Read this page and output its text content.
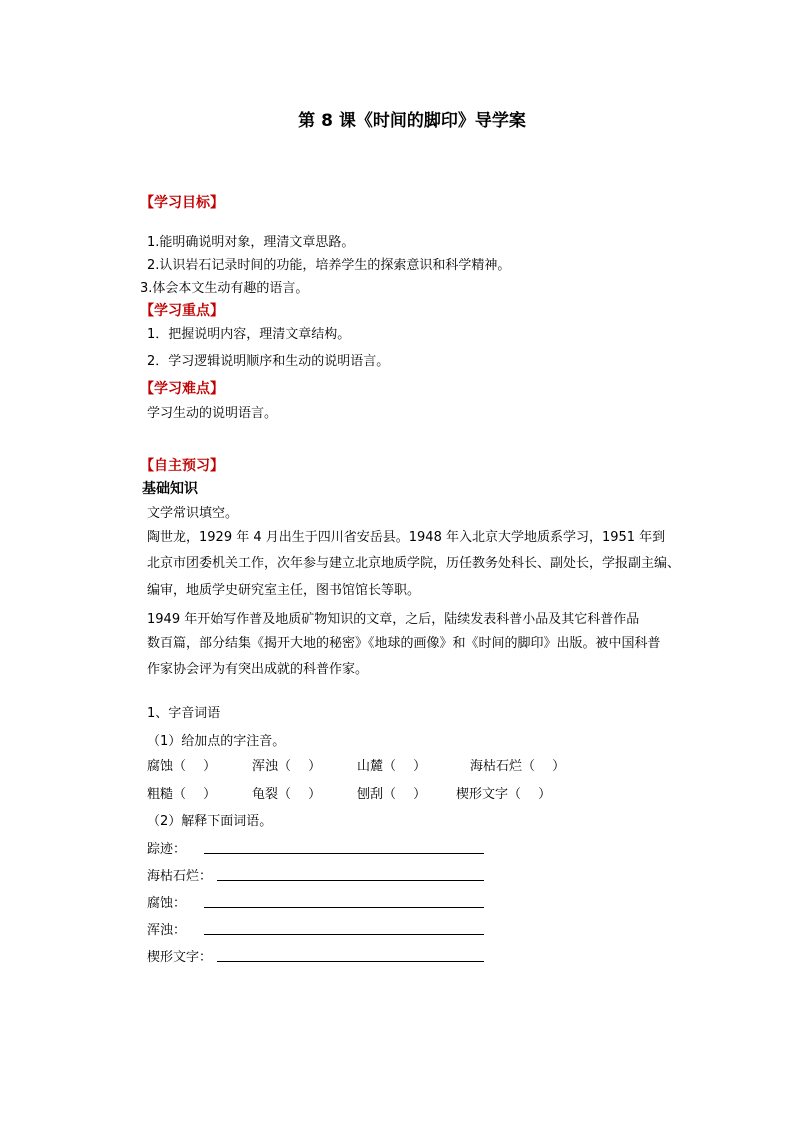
第 8 课《时间的脚印》导学案
【学习目标】
1.能明确说明对象，理清文章思路。
2.认识岩石记录时间的功能，培养学生的探索意识和科学精神。
3.体会本文生动有趣的语言。
【学习重点】
1．把握说明内容，理清文章结构。
2．学习逻辑说明顺序和生动的说明语言。
【学习难点】
学习生动的说明语言。
【自主预习】
基础知识
文学常识填空。
陶世龙，1929 年 4 月出生于四川省安岳县。1948 年入北京大学地质系学习，1951 年到
北京市团委机关工作，次年参与建立北京地质学院，历任教务处科长、副处长，学报副主编、
编审，地质学史研究室主任，图书馆馆长等职。
1949 年开始写作普及地质矿物知识的文章，之后，陆续发表科普小品及其它科普作品
数百篇，部分结集《揭开大地的秘密》《地球的画像》和《时间的脚印》出版。被中国科普
作家协会评为有突出成就的科普作家。
1、字音词语
（1）给加点的字注音。
腐蚀（　 ）	浑浊（　 ）	山麓（　 ）	海枯石烂（　 ）
粗糙（　 ）	龟裂（　 ）	刨刮（　 ） 楔形文字（　 ）
（2）解释下面词语。
踪迹：
海枯石烂：
腐蚀：
浑浊：
楔形文字：
